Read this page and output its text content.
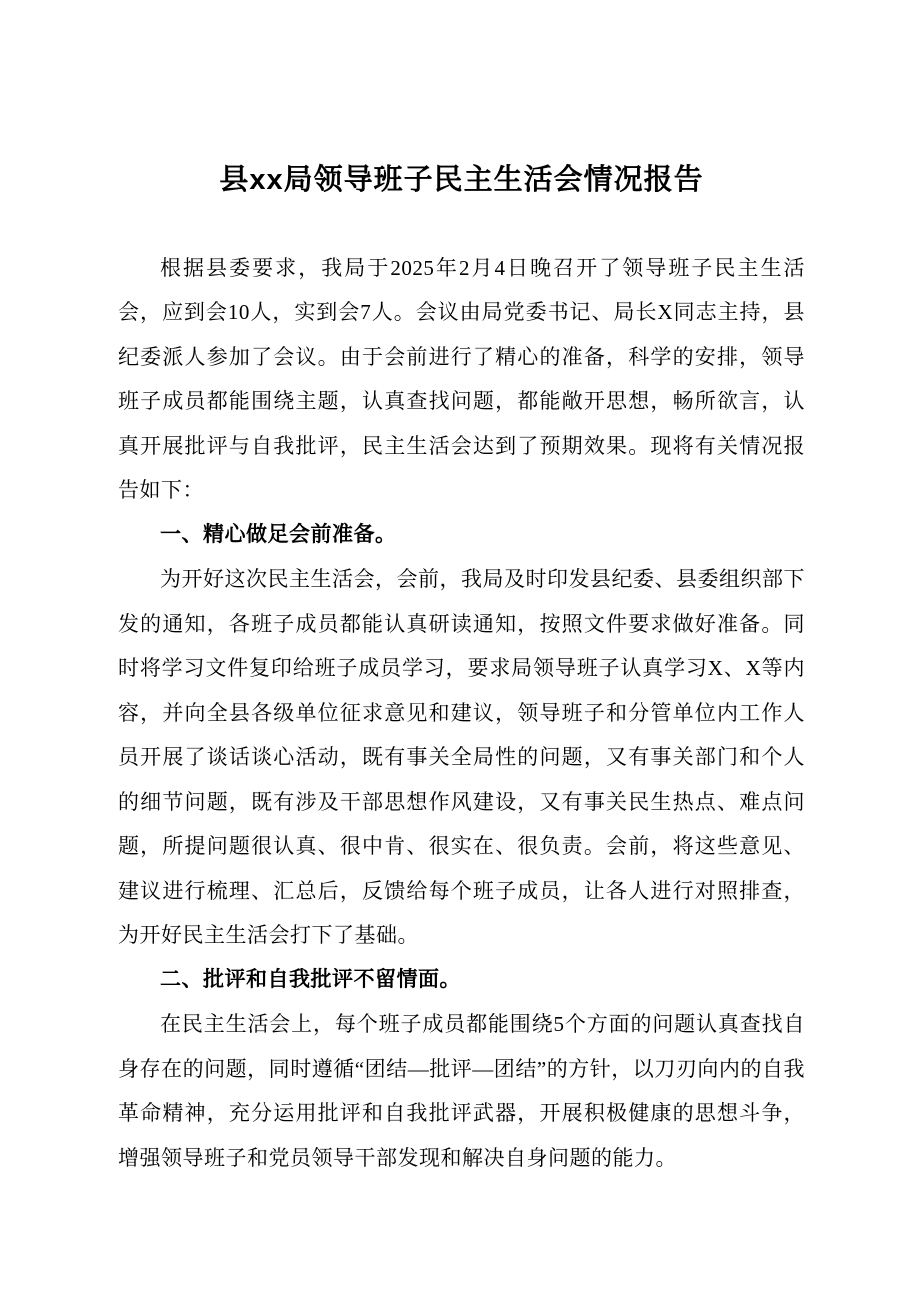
县xx局领导班子民主生活会情况报告

根据县委要求，我局于2025年2月4日晚召开了领导班子民主生活会，应到会10人，实到会7人。会议由局党委书记、局长X同志主持，县纪委派人参加了会议。由于会前进行了精心的准备，科学的安排，领导班子成员都能围绕主题，认真查找问题，都能敞开思想，畅所欲言，认真开展批评与自我批评，民主生活会达到了预期效果。现将有关情况报告如下：

一、精心做足会前准备。

为开好这次民主生活会，会前，我局及时印发县纪委、县委组织部下发的通知，各班子成员都能认真研读通知，按照文件要求做好准备。同时将学习文件复印给班子成员学习，要求局领导班子认真学习X、X等内容，并向全县各级单位征求意见和建议，领导班子和分管单位内工作人员开展了谈话谈心活动，既有事关全局性的问题，又有事关部门和个人的细节问题，既有涉及干部思想作风建设，又有事关民生热点、难点问题，所提问题很认真、很中肯、很实在、很负责。会前，将这些意见、建议进行梳理、汇总后，反馈给每个班子成员，让各人进行对照排查，为开好民主生活会打下了基础。

二、批评和自我批评不留情面。

在民主生活会上，每个班子成员都能围绕5个方面的问题认真查找自身存在的问题，同时遵循“团结—批评—团结”的方针，以刀刃向内的自我革命精神，充分运用批评和自我批评武器，开展积极健康的思想斗争，增强领导班子和党员领导干部发现和解决自身问题的能力。
